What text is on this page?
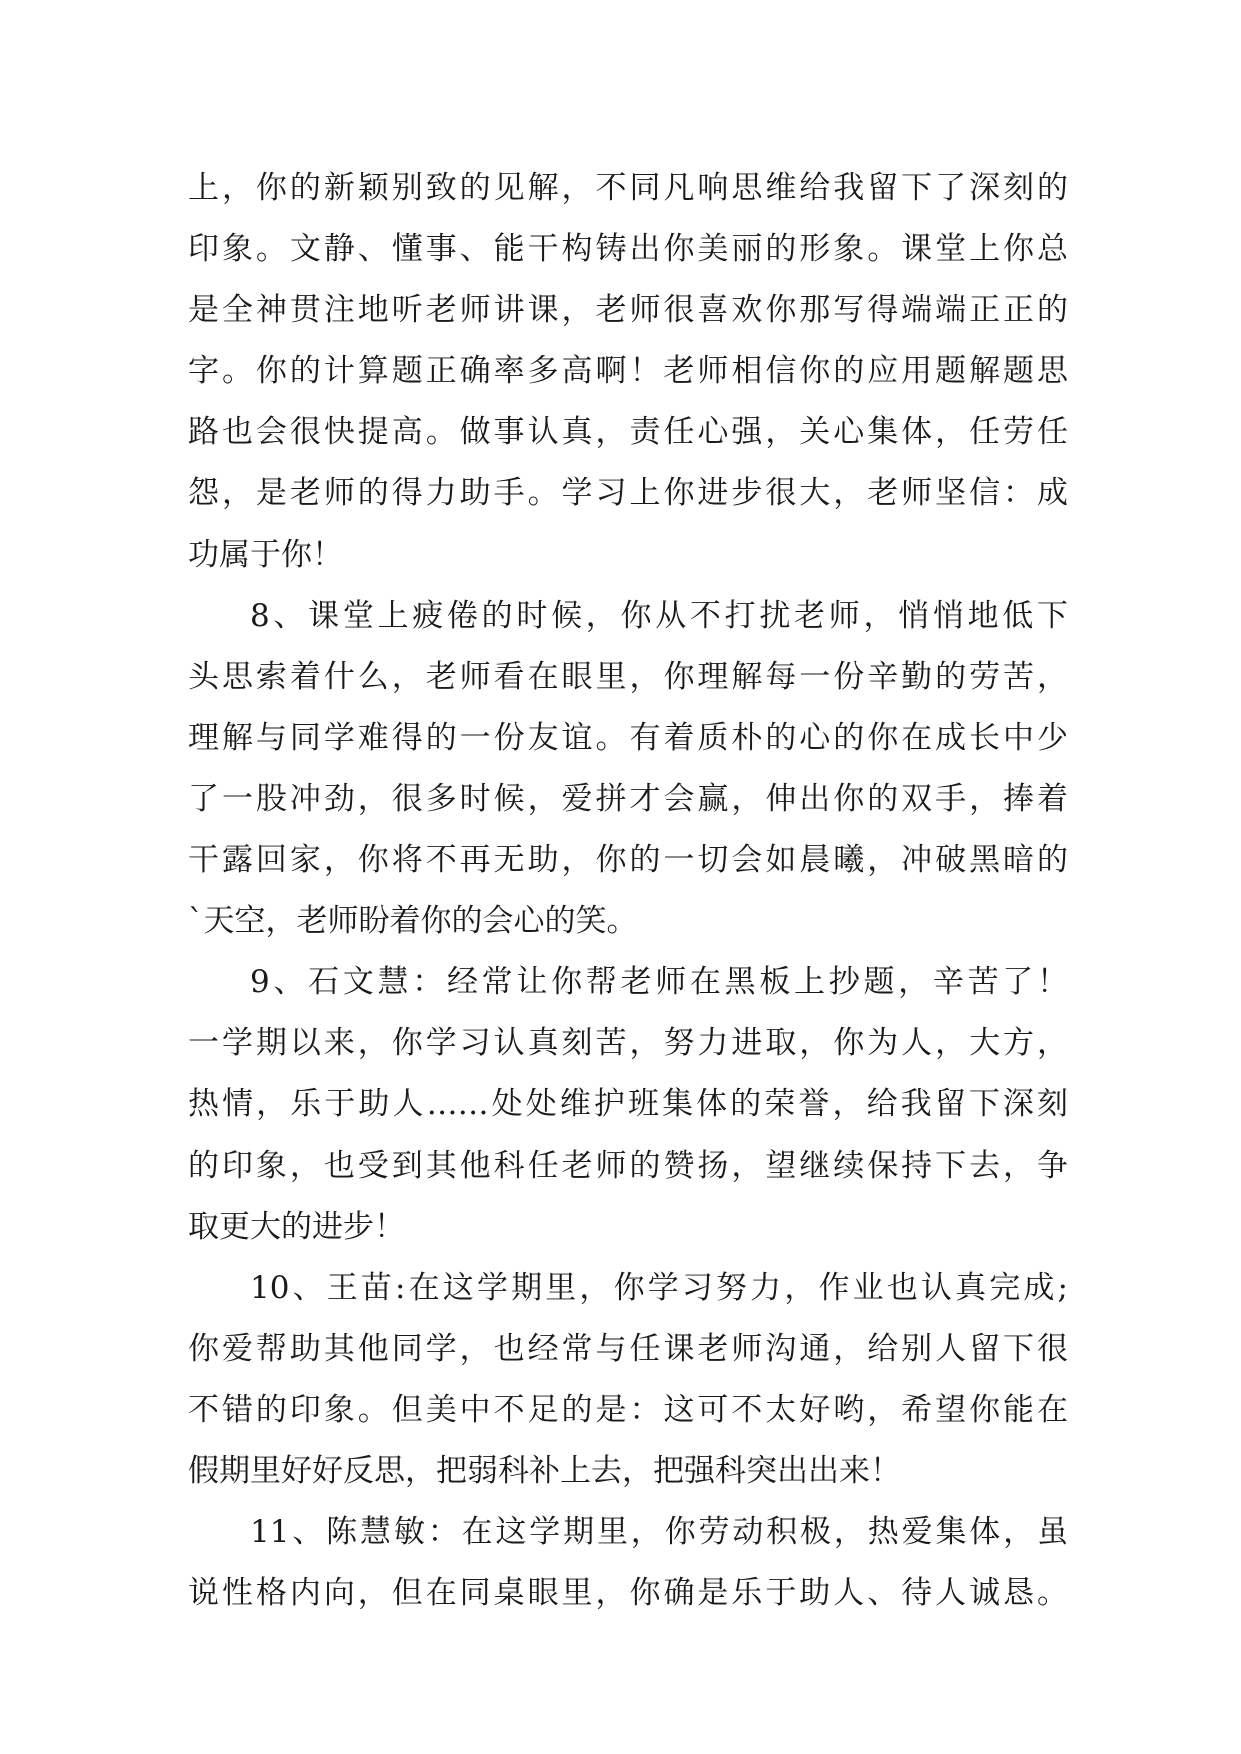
上，你的新颖别致的见解，不同凡响思维给我留下了深刻的
印象。文静、懂事、能干构铸出你美丽的形象。课堂上你总
是全神贯注地听老师讲课，老师很喜欢你那写得端端正正的
字。你的计算题正确率多高啊！老师相信你的应用题解题思
路也会很快提高。做事认真，责任心强，关心集体，任劳任
怨，是老师的得力助手。学习上你进步很大，老师坚信：成
功属于你！
8、课堂上疲倦的时候，你从不打扰老师，悄悄地低下
头思索着什么，老师看在眼里，你理解每一份辛勤的劳苦，
理解与同学难得的一份友谊。有着质朴的心的你在成长中少
了一股冲劲，很多时候，爱拼才会赢，伸出你的双手，捧着
干露回家，你将不再无助，你的一切会如晨曦，冲破黑暗的
`天空，老师盼着你的会心的笑。
9、石文慧：经常让你帮老师在黑板上抄题，辛苦了！
一学期以来，你学习认真刻苦，努力进取，你为人，大方，
热情，乐于助人……处处维护班集体的荣誉，给我留下深刻
的印象，也受到其他科任老师的赞扬，望继续保持下去，争
取更大的进步！
10、王苗:在这学期里，你学习努力，作业也认真完成;
你爱帮助其他同学，也经常与任课老师沟通，给别人留下很
不错的印象。但美中不足的是：这可不太好哟，希望你能在
假期里好好反思，把弱科补上去，把强科突出出来！
11、陈慧敏：在这学期里，你劳动积极，热爱集体，虽
说性格内向，但在同桌眼里，你确是乐于助人、待人诚恳。
